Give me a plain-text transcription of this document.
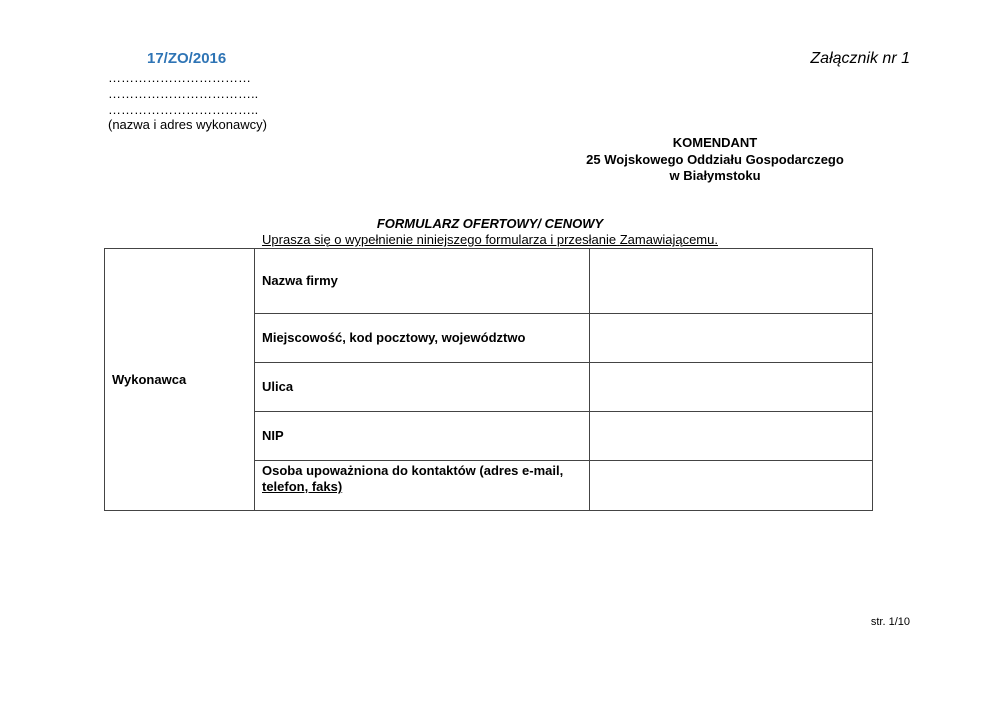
17/ZO/2016	Załącznik nr 1
……………………………
……………………………..
……………………………..
(nazwa i adres wykonawcy)
KOMENDANT
25 Wojskowego Oddziału Gospodarczego
w Białymstoku
FORMULARZ OFERTOWY/ CENOWY
Uprasza się o wypełnienie niniejszego formularza i przesłanie Zamawiającemu.
Wykonawca	Nazwa firmy	
	Miejscowość, kod pocztowy, województwo	
	Ulica	
	NIP	
	Osoba upoważniona do kontaktów (adres e-mail, telefon, faks)	
str. 1/10
